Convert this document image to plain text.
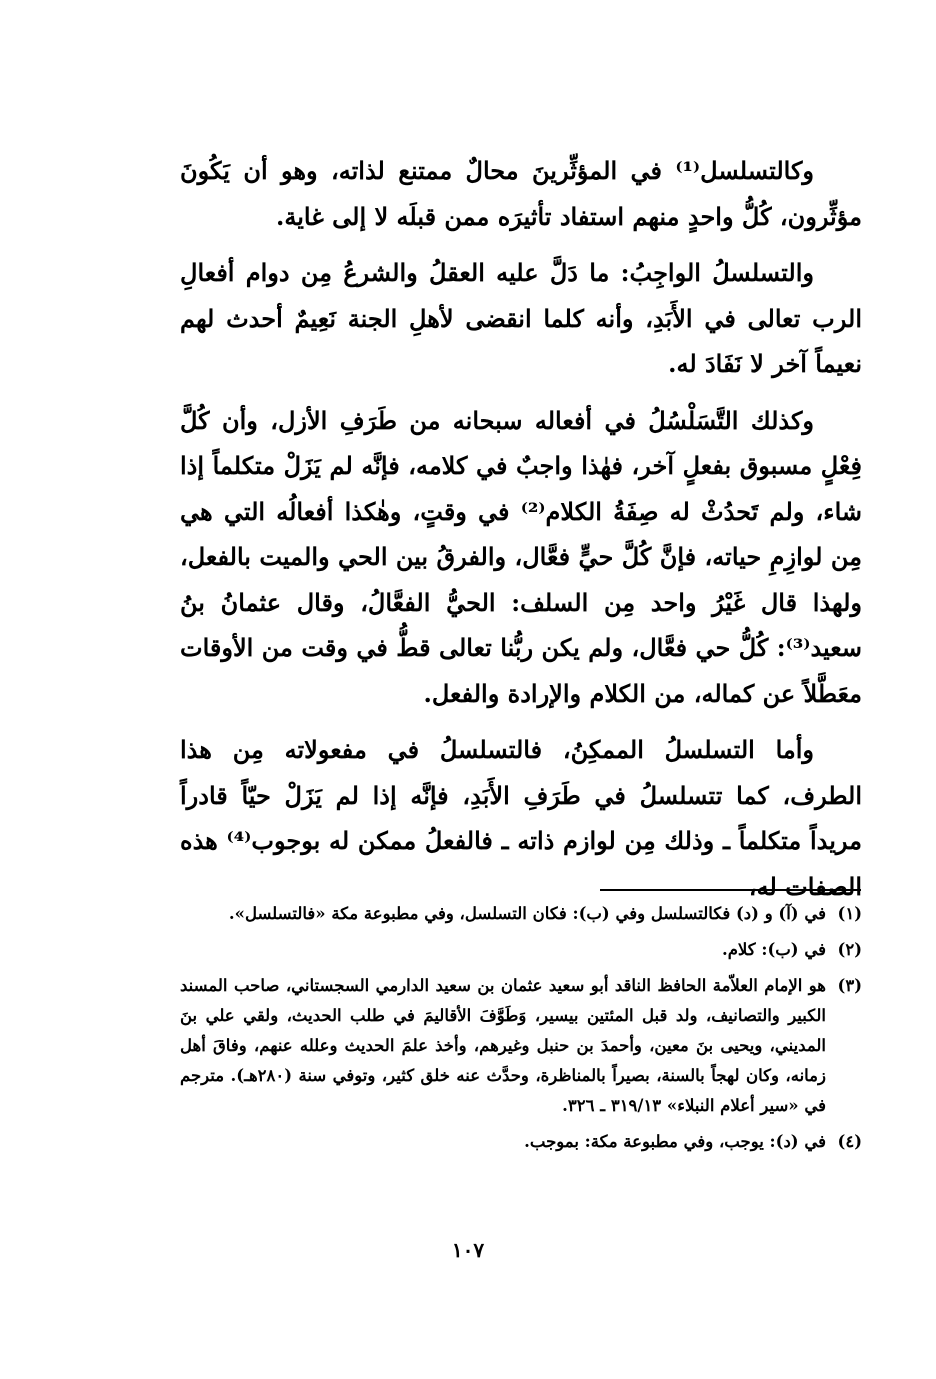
وكالتسلسل⁽¹⁾ في المؤثِّرينَ محالٌ ممتنع لذاته، وهو أن يَكُونَ مؤثِّرون، كُلُّ واحدٍ منهم استفاد تأثيرَه ممن قبلَه لا إلى غاية.

والتسلسلُ الواجِبُ: ما دَلَّ عليه العقلُ والشرعُ مِن دوام أفعالِ الرب تعالى في الأَبَدِ، وأنه كلما انقضى لأهلِ الجنة نَعِيمٌ أحدث لهم نعيماً آخر لا نَفَادَ له.

وكذلك التَّسَلْسُلُ في أفعاله سبحانه من طَرَفِ الأزل، وأن كُلَّ فِعْلٍ مسبوق بفعلٍ آخر، فهٰذا واجبٌ في كلامه، فإنَّه لم يَزَلْ متكلماً إذا شاء، ولم تَحدُثْ له صِفَةُ الكلام⁽²⁾ في وقتٍ، وهٰكذا أفعالُه التي هي مِن لوازِمِ حياته، فإنَّ كُلَّ حيٍّ فعَّال، والفرقُ بين الحي والميت بالفعل، ولهذا قال غَيْرُ واحد مِن السلف: الحيُّ الفعَّالُ، وقال عثمانُ بنُ سعيد⁽³⁾: كُلُّ حي فعَّال، ولم يكن ربُّنا تعالى قطُّ في وقت من الأوقات معَطَّلاً عن كماله، من الكلام والإرادة والفعل.

وأما التسلسلُ الممكِنُ، فالتسلسلُ في مفعولاته مِن هذا الطرف، كما تتسلسلُ في طَرَفِ الأَبَدِ، فإنَّه إذا لم يَزَلْ حيّاً قادراً مريداً متكلماً ـ وذلك مِن لوازم ذاته ـ فالفعلُ ممكن له بوجوب⁽⁴⁾ هذه الصفات له،

(١)
في (آ) و (د) فكالتسلسل وفي (ب): فكان التسلسل، وفي مطبوعة مكة «فالتسلسل».
(٢)
في (ب): كلام.
(٣)
هو الإمام العلاّمة الحافظ الناقد أبو سعيد عثمان بن سعيد الدارمي السجستاني، صاحب المسند الكبير والتصانيف، ولد قبل المئتين بيسير، وَطَوَّفَ الأقاليمَ في طلب الحديث، ولقي علي بنَ المديني، ويحيى بنَ معين، وأحمدَ بن حنبل وغيرهم، وأخذ علمَ الحديث وعلله عنهم، وفاقَ أهل زمانه، وكان لهجاً بالسنة، بصيراً بالمناظرة، وحدَّث عنه خلق كثير، وتوفي سنة (٢٨٠هـ). مترجم في «سير أعلام النبلاء» ٣١٩/١٣ ـ ٣٢٦.
(٤)
في (د): يوجب، وفي مطبوعة مكة: بموجب.
١٠٧
